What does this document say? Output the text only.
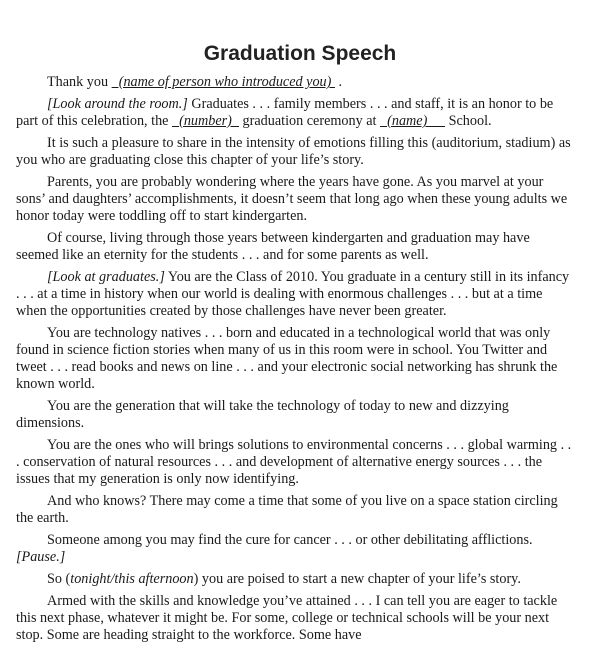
Graduation Speech

Thank you   (name of person who introduced you)  .

[Look around the room.] Graduates . . . family members . . . and staff, it is an honor to be part of this celebration, the   (number)   graduation ceremony at   (name)      School.

It is such a pleasure to share in the intensity of emotions filling this (auditorium, stadium) as you who are graduating close this chapter of your life’s story.

Parents, you are probably wondering where the years have gone. As you marvel at your sons’ and daughters’ accomplishments, it doesn’t seem that long ago when these young adults we honor today were toddling off to start kindergarten.

Of course, living through those years between kindergarten and graduation may have seemed like an eternity for the students . . . and for some parents as well.

[Look at graduates.] You are the Class of 2010. You graduate in a century still in its infancy . . . at a time in history when our world is dealing with enormous challenges . . . but at a time when the opportunities created by those challenges have never been greater.

You are technology natives . . . born and educated in a technological world that was only found in science fiction stories when many of us in this room were in school. You Twitter and tweet . . . read books and news on line . . . and your electronic social networking has shrunk the known world.

You are the generation that will take the technology of today to new and dizzying dimensions.

You are the ones who will brings solutions to environmental concerns . . . global warming . . . conservation of natural resources . . . and development of alternative energy sources . . . the issues that my generation is only now identifying.

And who knows? There may come a time that some of you live on a space station circling the earth.

Someone among you may find the cure for cancer . . . or other debilitating afflictions. [Pause.]

So (tonight/this afternoon) you are poised to start a new chapter of your life’s story.

Armed with the skills and knowledge you’ve attained . . . I can tell you are eager to tackle this next phase, whatever it might be. For some, college or technical schools will be your next stop. Some are heading straight to the workforce. Some have
